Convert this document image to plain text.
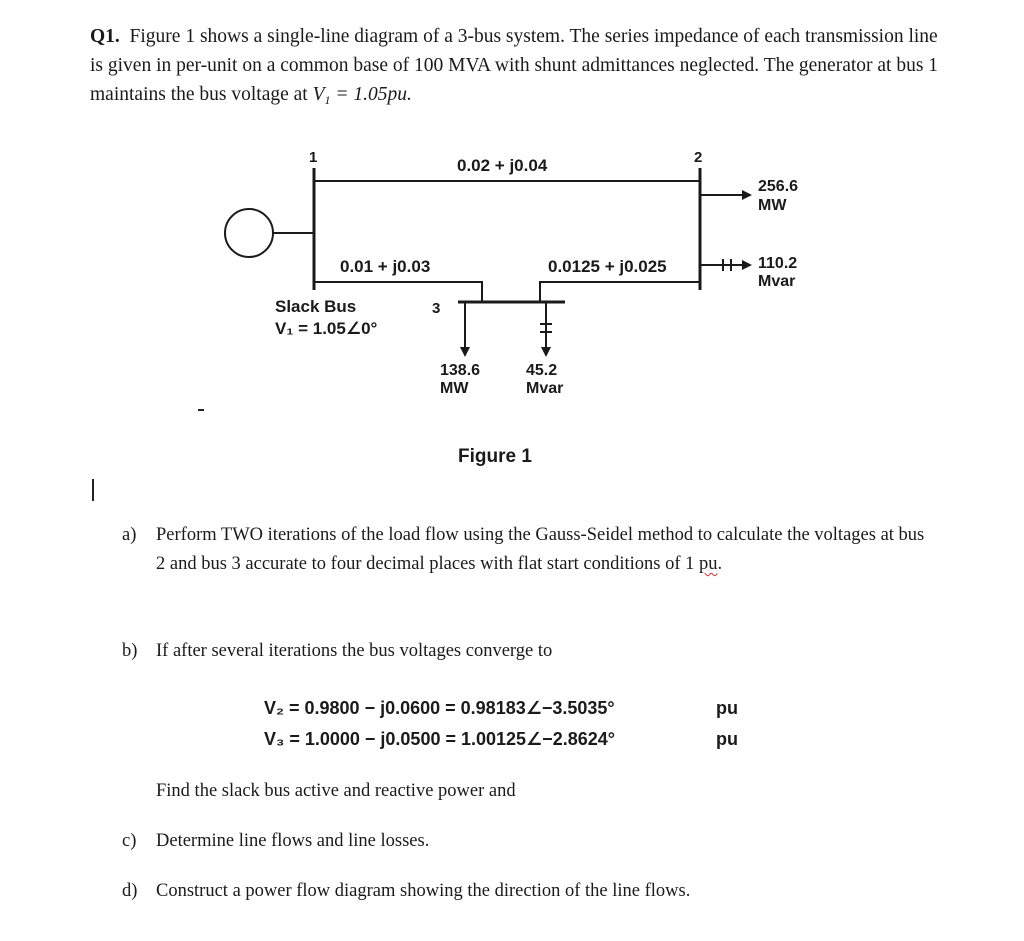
Q1. Figure 1 shows a single-line diagram of a 3-bus system. The series impedance of each transmission line is given in per-unit on a common base of 100 MVA with shunt admittances neglected. The generator at bus 1 maintains the bus voltage at $V_1 = 1.05pu$.
1	2
3
0.02 + j0.04
0.01 + j0.03	0.0125 + j0.025
Slack Bus
V₁ = 1.05∠0°
256.6
MW
110.2
Mvar
138.6
MW
45.2
Mvar
Figure 1
a) Perform TWO iterations of the load flow using the Gauss-Seidel method to calculate the voltages at bus 2 and bus 3 accurate to four decimal places with flat start conditions of 1 pu.
b) If after several iterations the bus voltages converge to
V₂ = 0.9800 − j0.0600 = 0.98183∠−3.5035°	pu
V₃ = 1.0000 − j0.0500 = 1.00125∠−2.8624°	pu
Find the slack bus active and reactive power and
c) Determine line flows and line losses.
d) Construct a power flow diagram showing the direction of the line flows.
